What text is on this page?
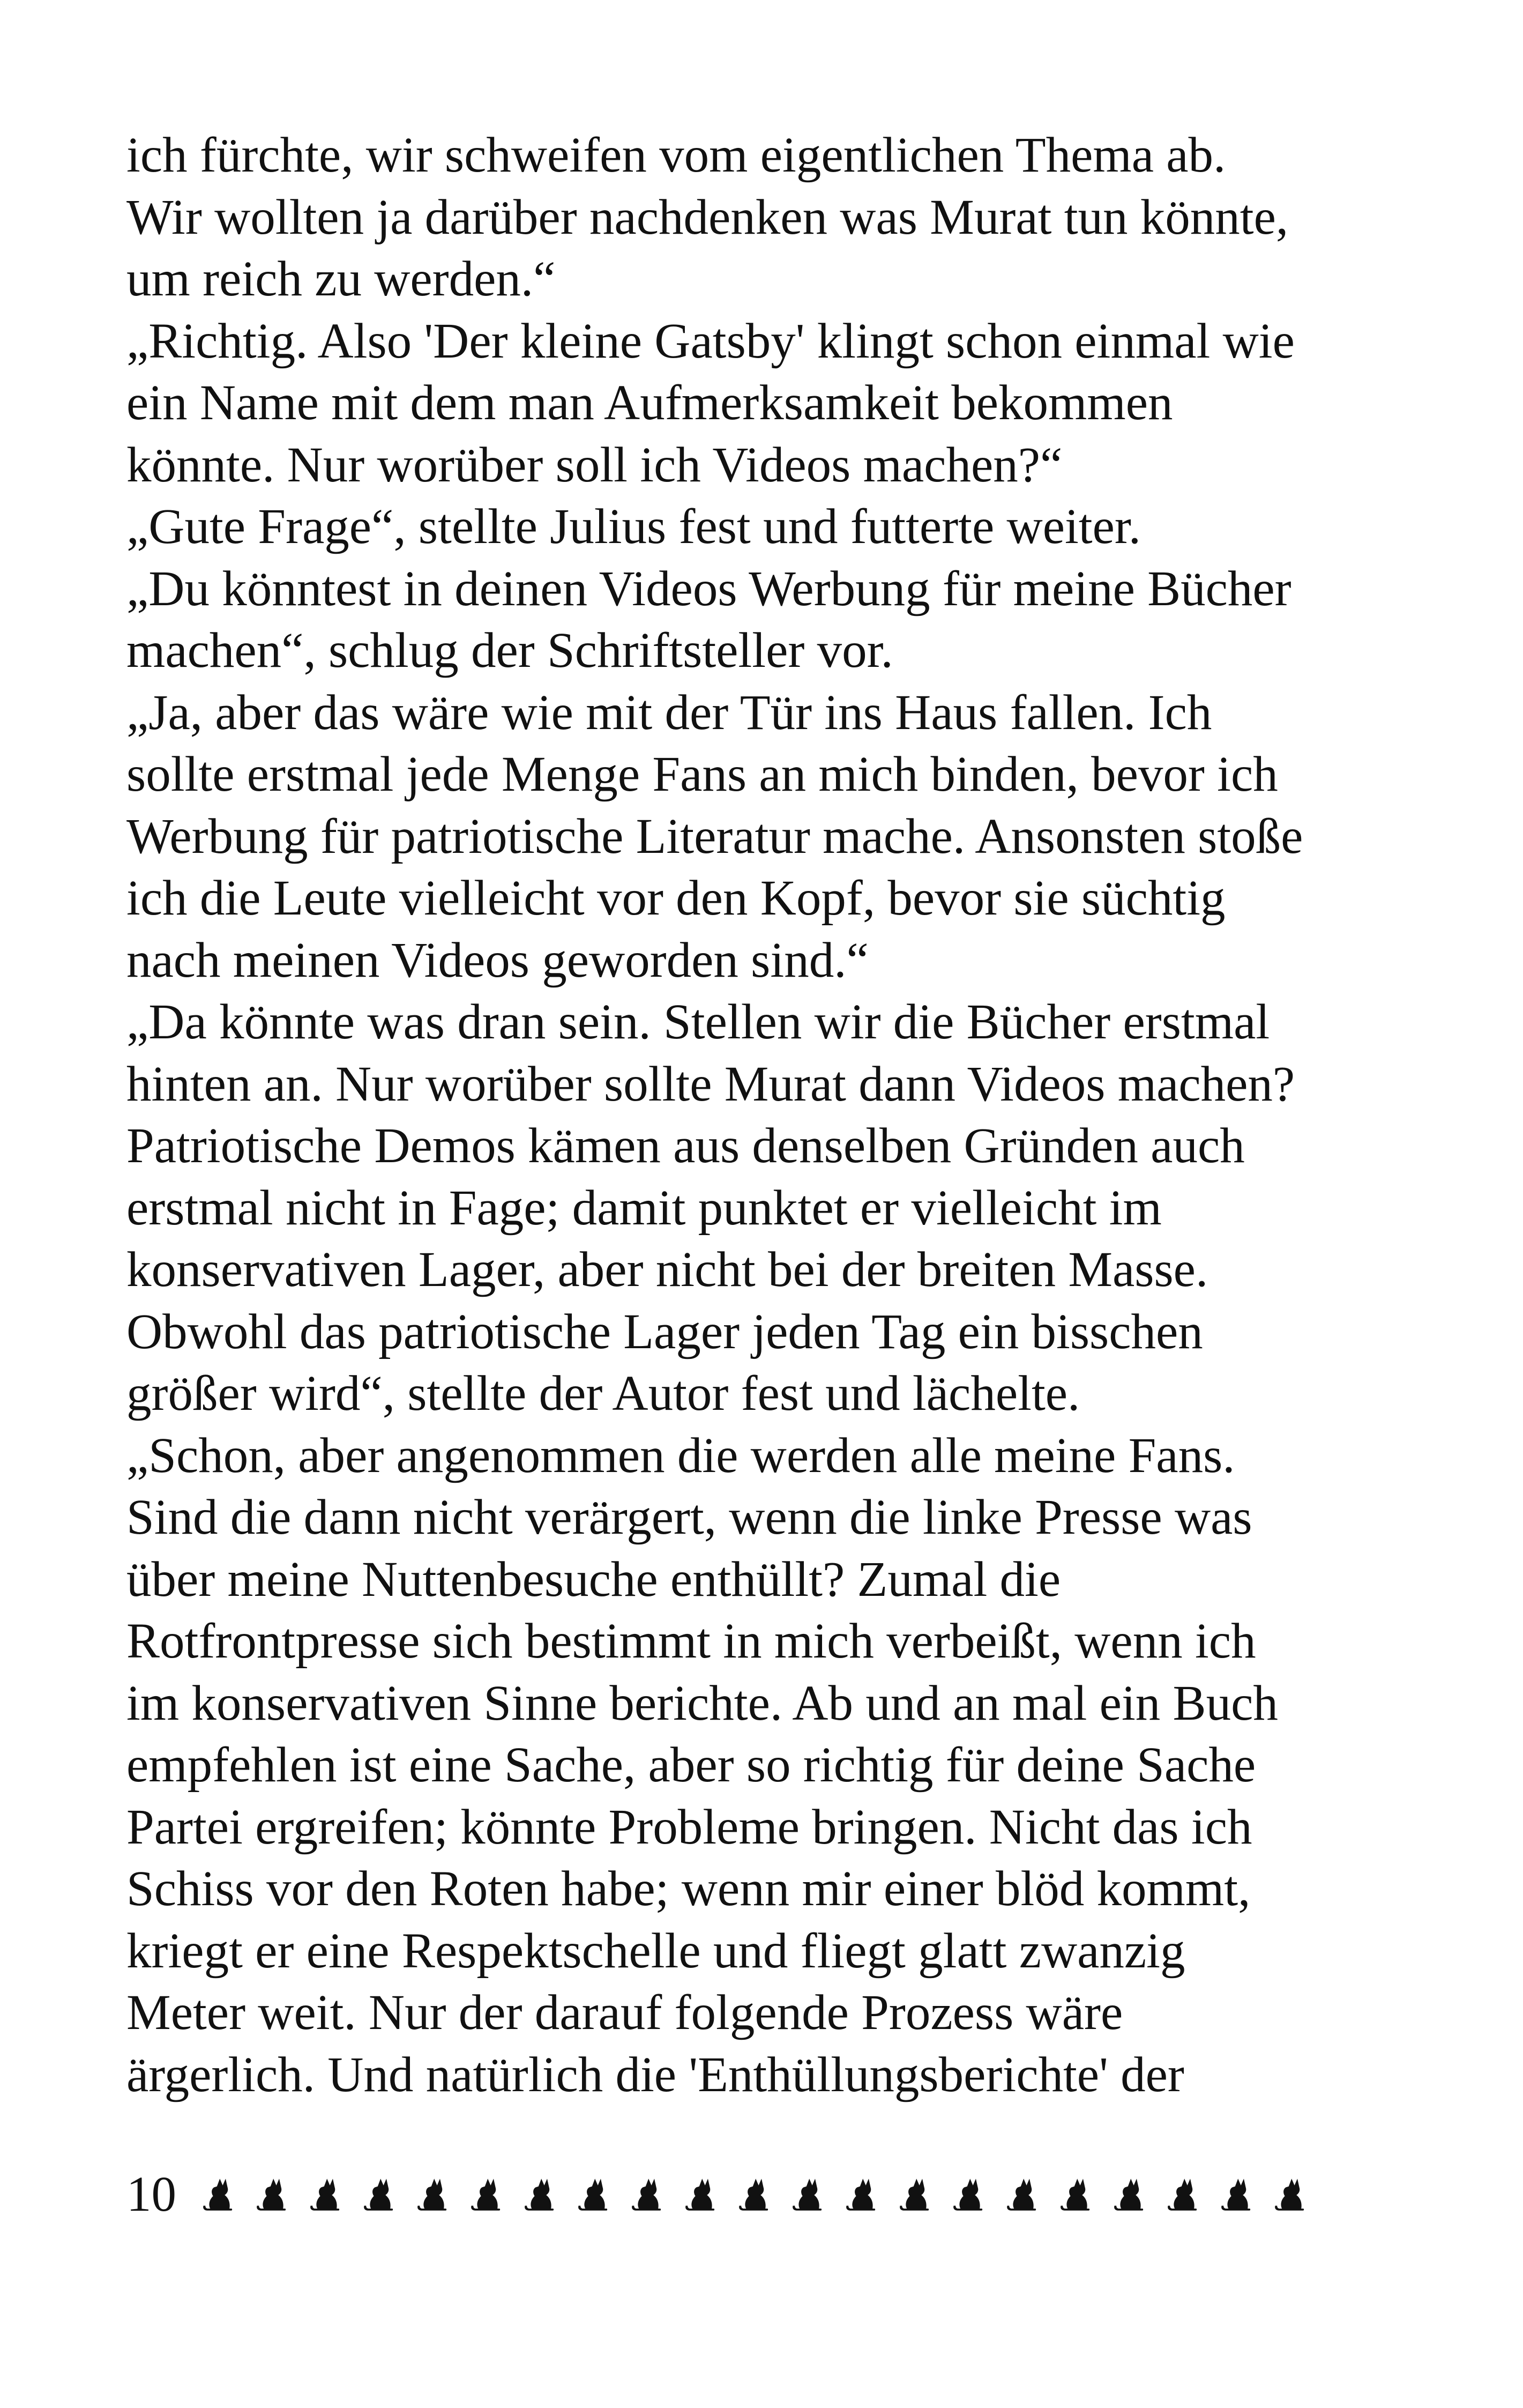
ich fürchte, wir schweifen vom eigentlichen Thema ab.
Wir wollten ja darüber nachdenken was Murat tun könnte,
um reich zu werden.“
„Richtig. Also 'Der kleine Gatsby' klingt schon einmal wie
ein Name mit dem man Aufmerksamkeit bekommen
könnte. Nur worüber soll ich Videos machen?“
„Gute Frage“, stellte Julius fest und futterte weiter.
„Du könntest in deinen Videos Werbung für meine Bücher
machen“, schlug der Schriftsteller vor.
„Ja, aber das wäre wie mit der Tür ins Haus fallen. Ich
sollte erstmal jede Menge Fans an mich binden, bevor ich
Werbung für patriotische Literatur mache. Ansonsten stoße
ich die Leute vielleicht vor den Kopf, bevor sie süchtig
nach meinen Videos geworden sind.“
„Da könnte was dran sein. Stellen wir die Bücher erstmal
hinten an. Nur worüber sollte Murat dann Videos machen?
Patriotische Demos kämen aus denselben Gründen auch
erstmal nicht in Fage; damit punktet er vielleicht im
konservativen Lager, aber nicht bei der breiten Masse.
Obwohl das patriotische Lager jeden Tag ein bisschen
größer wird“, stellte der Autor fest und lächelte.
„Schon, aber angenommen die werden alle meine Fans.
Sind die dann nicht verärgert, wenn die linke Presse was
über meine Nuttenbesuche enthüllt? Zumal die
Rotfrontpresse sich bestimmt in mich verbeißt, wenn ich
im konservativen Sinne berichte. Ab und an mal ein Buch
empfehlen ist eine Sache, aber so richtig für deine Sache
Partei ergreifen; könnte Probleme bringen. Nicht das ich
Schiss vor den Roten habe; wenn mir einer blöd kommt,
kriegt er eine Respektschelle und fliegt glatt zwanzig
Meter weit. Nur der darauf folgende Prozess wäre
ärgerlich. Und natürlich die 'Enthüllungsberichte' der
10
